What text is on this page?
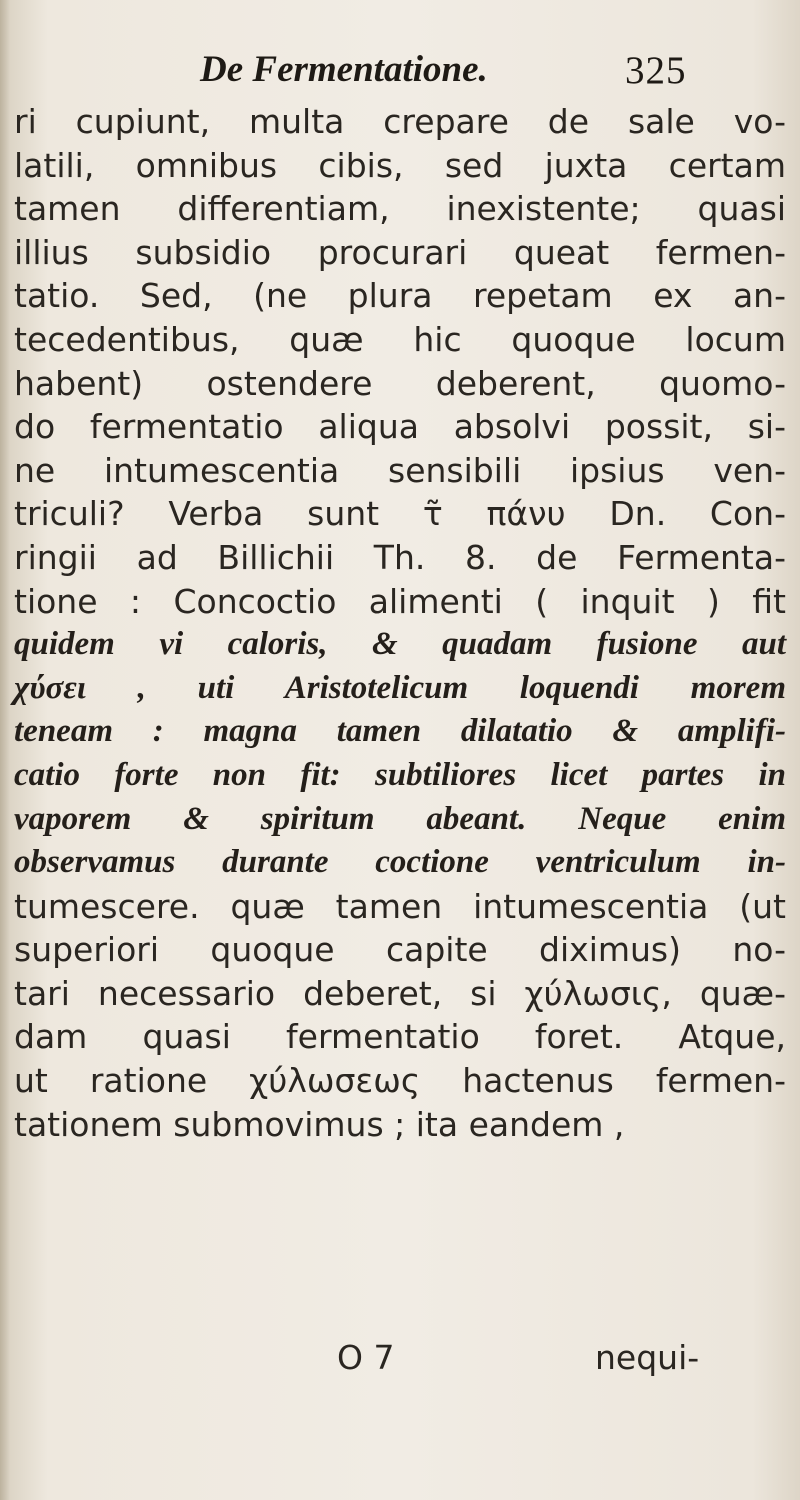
De Fermentatione.	325
ri cupiunt, multa crepare de sale vo-
latili, omnibus cibis, sed juxta certam
tamen differentiam, inexistente; quasi
illius subsidio procurari queat fermen-
tatio. Sed, (ne plura repetam ex an-
tecedentibus, quæ hic quoque locum
habent) ostendere deberent, quomo-
do fermentatio aliqua absolvi possit, si-
ne intumescentia sensibili ipsius ven-
triculi? Verba sunt τ̃ πάνυ Dn. Con-
ringii ad Billichii Th. 8. de Fermenta-
tione : Concoctio alimenti ( inquit ) fit
quidem vi caloris, & quadam fusione aut
χύσει , uti Aristotelicum loquendi morem
teneam : magna tamen dilatatio & amplifi-
catio forte non fit: subtiliores licet partes in
vaporem & spiritum abeant. Neque enim
observamus durante coctione ventriculum in-
tumescere. quæ tamen intumescentia (ut
superiori quoque capite diximus) no-
tari necessario deberet, si χύλωσις, quæ-
dam quasi fermentatio foret. Atque,
ut ratione χύλωσεως hactenus fermen-
tationem submovimus ; ita eandem ,
O 7	nequi-
